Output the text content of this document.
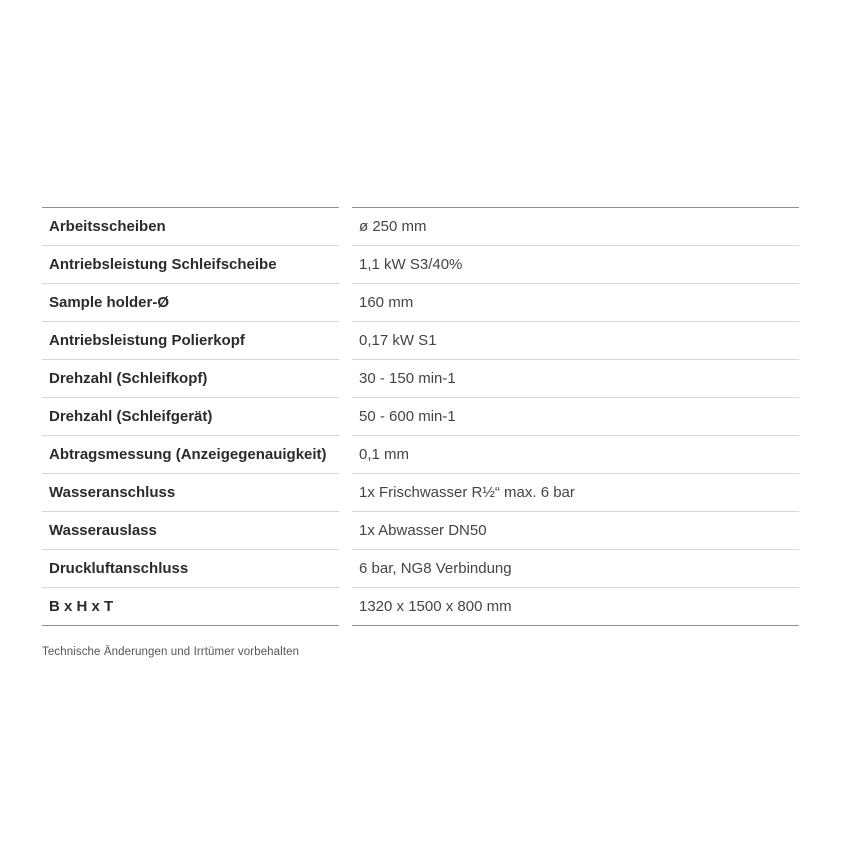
Arbeitsscheiben	ø 250 mm
Antriebsleistung Schleifscheibe	1,1 kW S3/40%
Sample holder-Ø	160 mm
Antriebsleistung Polierkopf	0,17 kW S1
Drehzahl (Schleifkopf)	30 - 150 min-1
Drehzahl (Schleifgerät)	50 - 600 min-1
Abtragsmessung (Anzeigegenauigkeit)	0,1 mm
Wasseranschluss	1x Frischwasser R½“ max. 6 bar
Wasserauslass	1x Abwasser DN50
Druckluftanschluss	6 bar, NG8 Verbindung
B x H x T	1320 x 1500 x 800 mm
Technische Änderungen und Irrtümer vorbehalten
